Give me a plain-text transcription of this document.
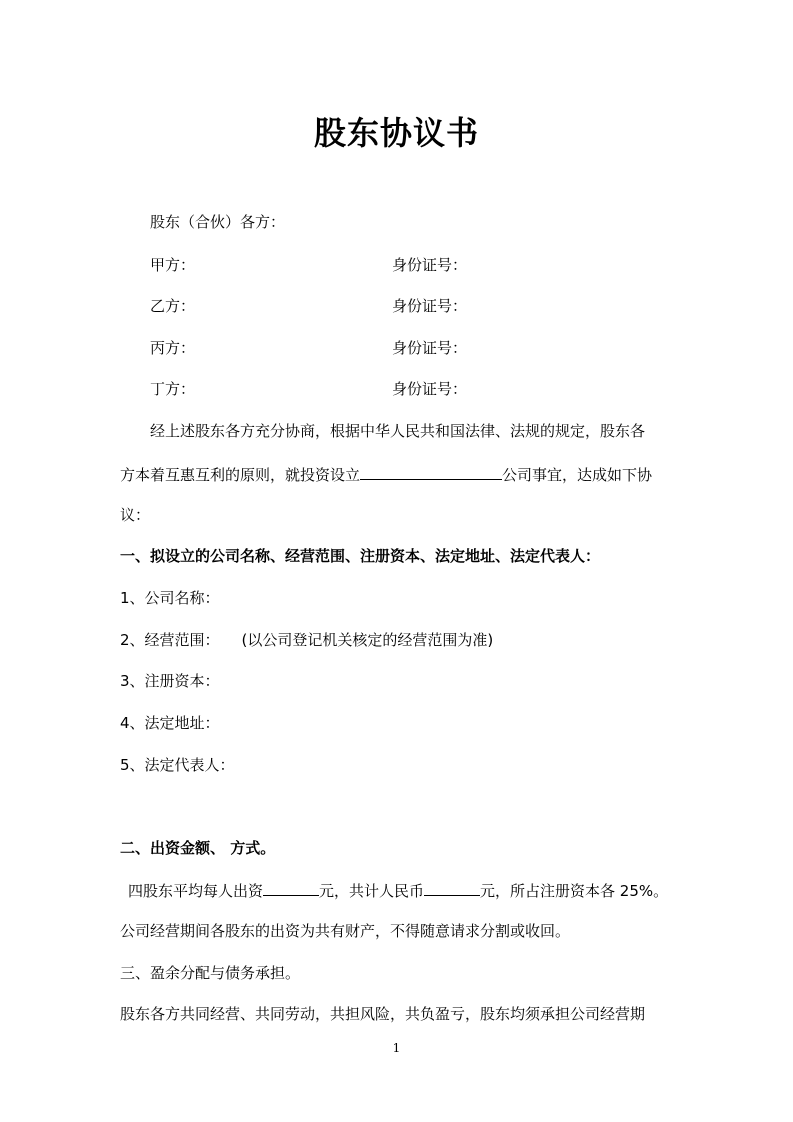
股东协议书
股东（合伙）各方：
甲方：	身份证号：
乙方：	身份证号：
丙方：	身份证号：
丁方：	身份证号：
经上述股东各方充分协商，根据中华人民共和国法律、法规的规定，股东各
方本着互惠互利的原则，就投资设立	公司事宜，达成如下协
议：
一、拟设立的公司名称、经营范围、注册资本、法定地址、法定代表人：
1、公司名称：
2、经营范围： (以公司登记机关核定的经营范围为准)
3、注册资本：
4、法定地址：
5、法定代表人：
二、出资金额、 方式。
四股东平均每人出资	元，共计人民币	元，所占注册资本各 25%。
公司经营期间各股东的出资为共有财产，不得随意请求分割或收回。
三、盈余分配与债务承担。
股东各方共同经营、共同劳动，共担风险，共负盈亏，股东均须承担公司经营期
1
